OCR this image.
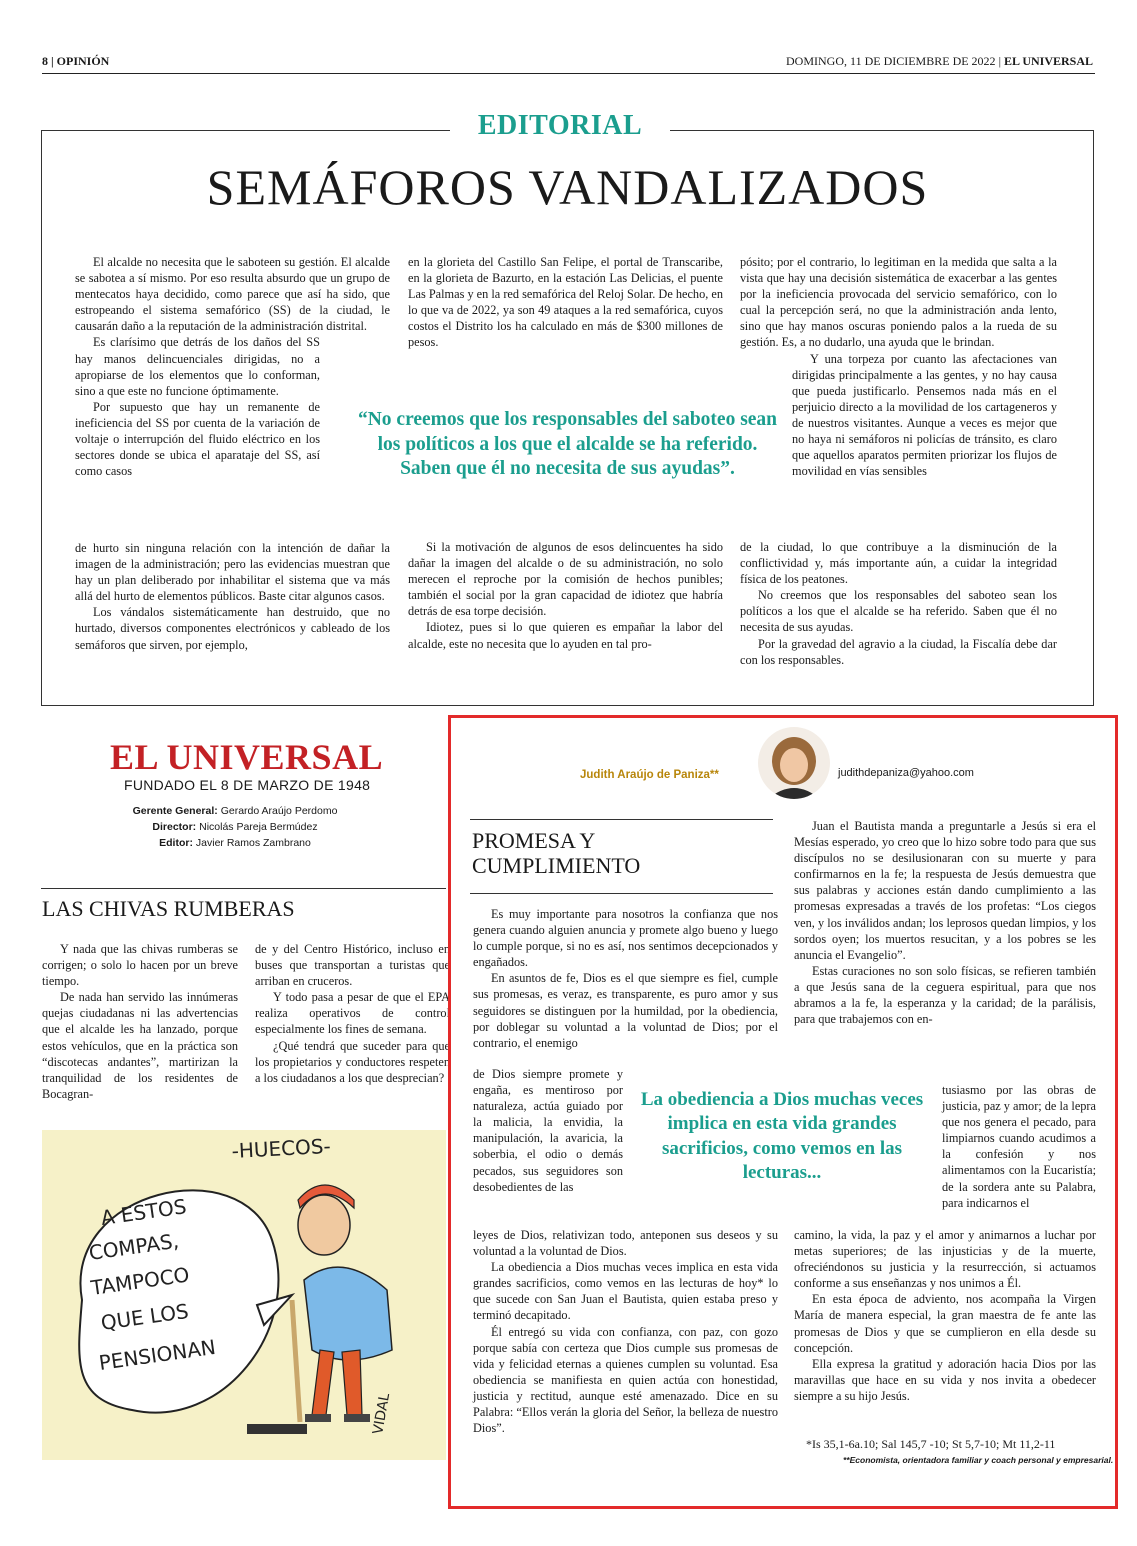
8 | OPINIÓN	DOMINGO, 11 DE DICIEMBRE DE 2022 | EL UNIVERSAL
EDITORIAL
SEMÁFOROS VANDALIZADOS

El alcalde no necesita que le saboteen su gestión. El alcalde se sabotea a sí mismo. Por eso resulta absurdo que un grupo de mentecatos haya decidido, como parece que así ha sido, que estropeando el sistema semafórico (SS) de la ciudad, le causarán daño a la reputación de la administración distrital.

Es clarísimo que detrás de los daños del SS hay manos delincuenciales dirigidas, no a apropiarse de los elementos que lo conforman, sino a que este no funcione óptimamente.

Por supuesto que hay un remanente de ineficiencia del SS por cuenta de la variación de voltaje o interrupción del fluido eléctrico en los sectores donde se ubica el aparataje del SS, así como casos

de hurto sin ninguna relación con la intención de dañar la imagen de la administración; pero las evidencias muestran que hay un plan deliberado por inhabilitar el sistema que va más allá del hurto de elementos públicos. Baste citar algunos casos.

Los vándalos sistemáticamente han destruido, que no hurtado, diversos componentes electrónicos y cableado de los semáforos que sirven, por ejemplo,

en la glorieta del Castillo San Felipe, el portal de Transcaribe, en la glorieta de Bazurto, en la estación Las Delicias, el puente Las Palmas y en la red semafórica del Reloj Solar. De hecho, en lo que va de 2022, ya son 49 ataques a la red semafórica, cuyos costos el Distrito los ha calculado en más de $300 millones de pesos.

Si la motivación de algunos de esos delincuentes ha sido dañar la imagen del alcalde o de su administración, no solo merecen el reproche por la comisión de hechos punibles; también el social por la gran capacidad de idiotez que habría detrás de esa torpe decisión.

Idiotez, pues si lo que quieren es empañar la labor del alcalde, este no necesita que lo ayuden en tal pro-

pósito; por el contrario, lo legitiman en la medida que salta a la vista que hay una decisión sistemática de exacerbar a las gentes por la ineficiencia provocada del servicio semafórico, con lo cual la percepción será, no que la administración anda lento, sino que hay manos oscuras poniendo palos a la rueda de su gestión. Es, a no dudarlo, una ayuda que le brindan.

Y una torpeza por cuanto las afectaciones van dirigidas principalmente a las gentes, y no hay causa que pueda justificarlo. Pensemos nada más en el perjuicio directo a la movilidad de los cartageneros y de nuestros visitantes. Aunque a veces es mejor que no haya ni semáforos ni policías de tránsito, es claro que aquellos aparatos permiten priorizar los flujos de movilidad en vías sensibles

de la ciudad, lo que contribuye a la disminución de la conflictividad y, más importante aún, a cuidar la integridad física de los peatones.

No creemos que los responsables del saboteo sean los políticos a los que el alcalde se ha referido. Saben que él no necesita de sus ayudas.

Por la gravedad del agravio a la ciudad, la Fiscalía debe dar con los responsables.

“No creemos que los responsables del saboteo sean los políticos a los que el alcalde se ha referido. Saben que él no necesita de sus ayudas”.
EL UNIVERSAL
FUNDADO EL 8 DE MARZO DE 1948
Gerente General: Gerardo Araújo Perdomo
Director: Nicolás Pareja Bermúdez
Editor: Javier Ramos Zambrano
LAS CHIVAS RUMBERAS

Y nada que las chivas rumberas se corrigen; o solo lo hacen por un breve tiempo.

De nada han servido las innúmeras quejas ciudadanas ni las advertencias que el alcalde les ha lanzado, porque estos vehículos, que en la práctica son “discotecas andantes”, martirizan la tranquilidad de los residentes de Bocagran-

de y del Centro Histórico, incluso en buses que transportan a turistas que arriban en cruceros.

Y todo pasa a pesar de que el EPA realiza operativos de control especialmente los fines de semana.

¿Qué tendrá que suceder para que los propietarios y conductores respeten a los ciudadanos a los que desprecian?

-HUECOS-
A ESTOS
COMPAS,
TAMPOCO
QUE LOS
PENSIONAN
VIDAL
Judith Araújo de Paniza**	judithdepaniza@yahoo.com
PROMESA Y
CUMPLIMIENTO

Es muy importante para nosotros la confianza que nos genera cuando alguien anuncia y promete algo bueno y luego lo cumple porque, si no es así, nos sentimos decepcionados y engañados.

En asuntos de fe, Dios es el que siempre es fiel, cumple sus promesas, es veraz, es transparente, es puro amor y sus seguidores se distinguen por la humildad, por la obediencia, por doblegar su voluntad a la voluntad de Dios; por el contrario, el enemigo

de Dios siempre promete y engaña, es mentiroso por naturaleza, actúa guiado por la malicia, la envidia, la manipulación, la avaricia, la soberbia, el odio o demás pecados, sus seguidores son desobedientes de las

leyes de Dios, relativizan todo, anteponen sus deseos y su voluntad a la voluntad de Dios.

La obediencia a Dios muchas veces implica en esta vida grandes sacrificios, como vemos en las lecturas de hoy* lo que sucede con San Juan el Bautista, quien estaba preso y terminó decapitado.

Él entregó su vida con confianza, con paz, con gozo porque sabía con certeza que Dios cumple sus promesas de vida y felicidad eternas a quienes cumplen su voluntad. Esa obediencia se manifiesta en quien actúa con honestidad, justicia y rectitud, aunque esté amenazado. Dice en su Palabra: “Ellos verán la gloria del Señor, la belleza de nuestro Dios”.

Juan el Bautista manda a preguntarle a Jesús si era el Mesías esperado, yo creo que lo hizo sobre todo para que sus discípulos no se desilusionaran con su muerte y para confirmarnos en la fe; la respuesta de Jesús demuestra que sus palabras y acciones están dando cumplimiento a las promesas expresadas a través de los profetas: “Los ciegos ven, y los inválidos andan; los leprosos quedan limpios, y los sordos oyen; los muertos resucitan, y a los pobres se les anuncia el Evangelio”.

Estas curaciones no son solo físicas, se refieren también a que Jesús sana de la ceguera espiritual, para que nos abramos a la fe, la esperanza y la caridad; de la parálisis, para que trabajemos con en-

tusiasmo por las obras de justicia, paz y amor; de la lepra que nos genera el pecado, para limpiarnos cuando acudimos a la confesión y nos alimentamos con la Eucaristía; de la sordera ante su Palabra, para indicarnos el

camino, la vida, la paz y el amor y animarnos a luchar por metas superiores; de las injusticias y de la muerte, ofreciéndonos su justicia y la resurrección, si actuamos conforme a sus enseñanzas y nos unimos a Él.

En esta época de adviento, nos acompaña la Virgen María de manera especial, la gran maestra de fe ante las promesas de Dios y que se cumplieron en ella desde su concepción.

Ella expresa la gratitud y adoración hacia Dios por las maravillas que hace en su vida y nos invita a obedecer siempre a su hijo Jesús.

La obediencia a Dios muchas veces implica en esta vida grandes sacrificios, como vemos en las lecturas...
*Is 35,1-6a.10; Sal 145,7 -10; St 5,7-10; Mt 11,2-11
**Economista, orientadora familiar y coach personal y empresarial.
